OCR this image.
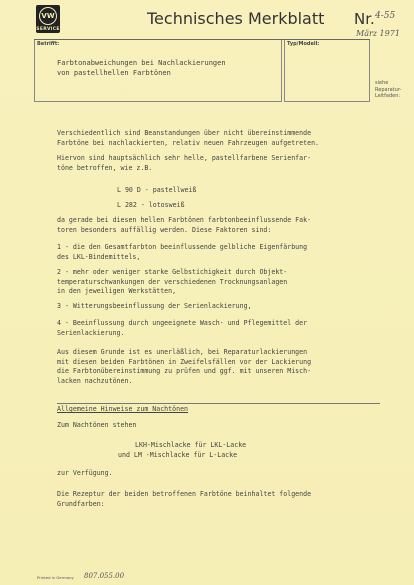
VW
SERVICE
Technisches Merkblatt Nr. 4-55
März 1971
Betrifft:
Farbtonabweichungen bei Nachlackierungen
von pastellhellen Farbtönen
Typ/Modell:
siehe
Reparatur-
Leitfaden:
Verschiedentlich sind Beanstandungen über nicht übereinstimmende
Farbtöne bei nachlackierten, relativ neuen Fahrzeugen aufgetreten.
Hiervon sind hauptsächlich sehr helle, pastellfarbene Serienfar-
töne betroffen, wie z.B.
L 90 D - pastellweiß
L 282 - lotosweiß
da gerade bei diesen hellen Farbtönen farbtonbeeinflussende Fak-
toren besonders auffällig werden. Diese Faktoren sind:
1 - die den Gesamtfarbton beeinflussende gelbliche Eigenfärbung
des LKL-Bindemittels,
2 - mehr oder weniger starke Gelbstichigkeit durch Objekt-
temperaturschwankungen der verschiedenen Trocknungsanlagen
in den jeweiligen Werkstätten,
3 - Witterungsbeeinflussung der Serienlackierung,
4 - Beeinflussung durch ungeeignete Wasch- und Pflegemittel der
Serienlackierung.
Aus diesem Grunde ist es unerläßlich, bei Reparaturlackierungen
mit diesen beiden Farbtönen in Zweifelsfällen vor der Lackierung
die Farbtonübereinstimmung zu prüfen und ggf. mit unseren Misch-
lacken nachzutönen.
Allgemeine Hinweise zum Nachtönen
Zum Nachtönen stehen
LKH-Mischlacke für LKL-Lacke
und LM -Mischlacke für L-Lacke
zur Verfügung.
Die Rezeptur der beiden betroffenen Farbtöne beinhaltet folgende
Grundfarben:
Printed in Germany 807.055.00
